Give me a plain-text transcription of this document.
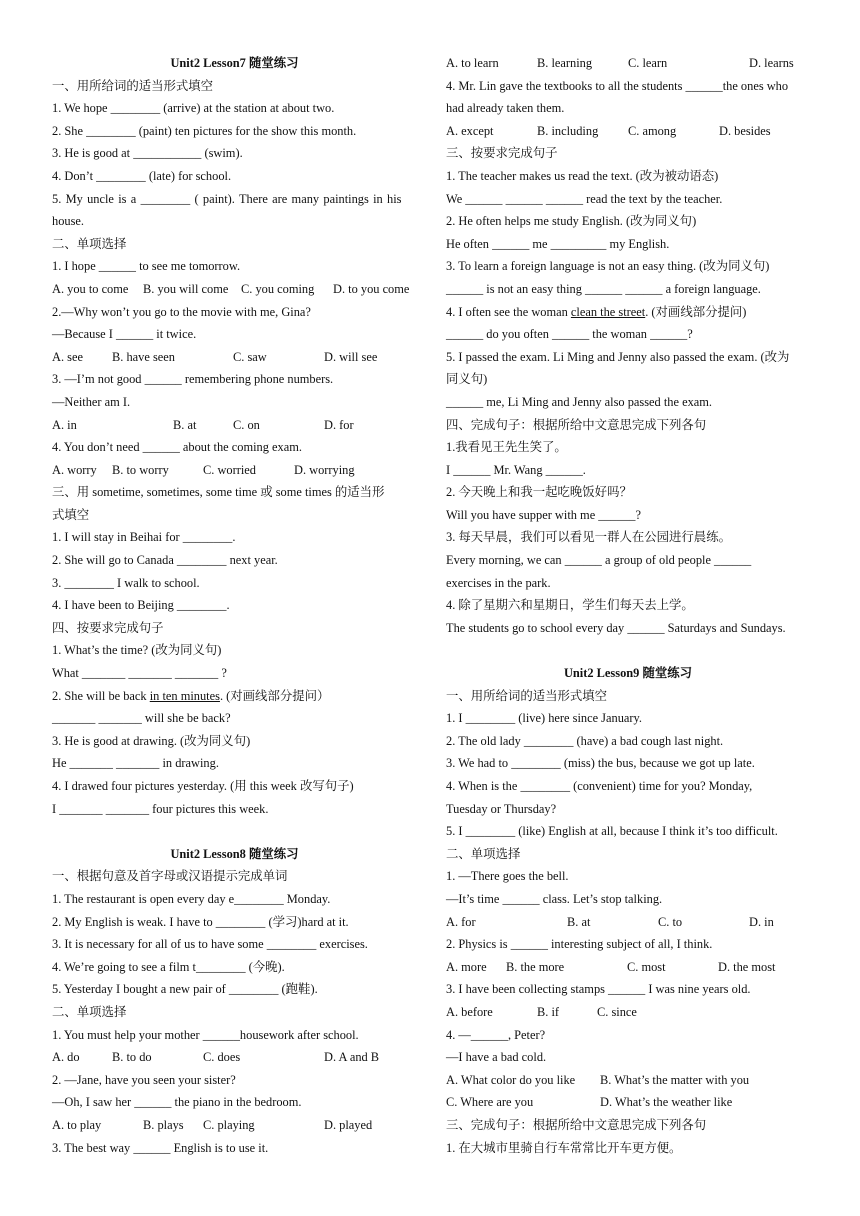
Unit2 Lesson7 随堂练习
一、用所给词的适当形式填空
1. We hope ________ (arrive) at the station at about two.
2. She ________ (paint) ten pictures for the show this month.
3. He is good at ___________ (swim).
4. Don’t ________ (late) for school.
5. My uncle is a ________ ( paint). There are many paintings in his
house.
二、单项选择
1. I hope ______ to see me tomorrow.
A. you to come	B. you will come	C. you coming	D. to you come
2.—Why won’t you go to the movie with me, Gina?
—Because I ______ it twice.
A. see	B. have seen	C. saw	D. will see
3. —I’m not good ______ remembering phone numbers.
—Neither am I.
A. in	B. at	C. on	D. for
4. You don’t need ______ about the coming exam.
A. worry	B. to worry	C. worried	D. worrying
三、用 sometime, sometimes, some time 或 some times 的适当形
式填空
1. I will stay in Beihai for ________.
2. She will go to Canada ________ next year.
3. ________ I walk to school.
4. I have been to Beijing ________.
四、按要求完成句子
1. What’s the time? (改为同义句)
What _______ _______ _______ ?
2. She will be back in ten minutes. (对画线部分提问）
_______ _______ will she be back?
3. He is good at drawing. (改为同义句)
He _______ _______ in drawing.
4. I drawed four pictures yesterday. (用 this week 改写句子)
I _______ _______ four pictures this week.
Unit2 Lesson8 随堂练习
一、根据句意及首字母或汉语提示完成单词
1. The restaurant is open every day e________ Monday.
2. My English is weak. I have to ________ (学习)hard at it.
3. It is necessary for all of us to have some ________ exercises.
4. We’re going to see a film t________ (今晚).
5. Yesterday I bought a new pair of ________ (跑鞋).
二、单项选择
1. You must help your mother ______housework after school.
A. do	B. to do	C. does	D. A and B
2. —Jane, have you seen your sister?
—Oh, I saw her ______ the piano in the bedroom.
A. to play	B. plays	C. playing	D. played
3. The best way ______ English is to use it.
A. to learn	B. learning	C. learn	D. learns
4. Mr. Lin gave the textbooks to all the students ______the ones who
had already taken them.
A. except	B. including	C. among	D. besides
三、按要求完成句子
1. The teacher makes us read the text. (改为被动语态)
We ______ ______ ______ read the text by the teacher.
2. He often helps me study English. (改为同义句)
He often ______ me _________ my English.
3. To learn a foreign language is not an easy thing. (改为同义句)
______ is not an easy thing ______ ______ a foreign language.
4. I often see the woman clean the street. (对画线部分提问)
______ do you often ______ the woman ______?
5. I passed the exam. Li Ming and Jenny also passed the exam. (改为
同义句)
______ me, Li Ming and Jenny also passed the exam.
四、完成句子：根据所给中文意思完成下列各句
1.我看见王先生笑了。
I ______ Mr. Wang ______.
2. 今天晚上和我一起吃晚饭好吗？
Will you have supper with me ______?
3. 每天早晨，我们可以看见一群人在公园进行晨练。
Every morning, we can ______ a group of old people ______
exercises in the park.
4. 除了星期六和星期日，学生们每天去上学。
The students go to school every day ______ Saturdays and Sundays.
Unit2 Lesson9 随堂练习
一、用所给词的适当形式填空
1. I ________ (live) here since January.
2. The old lady ________ (have) a bad cough last night.
3. We had to ________ (miss) the bus, because we got up late.
4. When is the ________ (convenient) time for you? Monday,
Tuesday or Thursday?
5. I ________ (like) English at all, because I think it’s too difficult.
二、单项选择
1. —There goes the bell.
—It’s time ______ class. Let’s stop talking.
A. for	B. at	C. to	D. in
2. Physics is ______ interesting subject of all, I think.
A. more	B. the more	C. most	D. the most
3. I have been collecting stamps ______ I was nine years old.
A. before	B. if	C. since
4. —______, Peter?
—I have a bad cold.
A. What color do you like	B. What’s the matter with you
C. Where are you	D. What’s the weather like
三、完成句子：根据所给中文意思完成下列各句
1. 在大城市里骑自行车常常比开车更方便。
